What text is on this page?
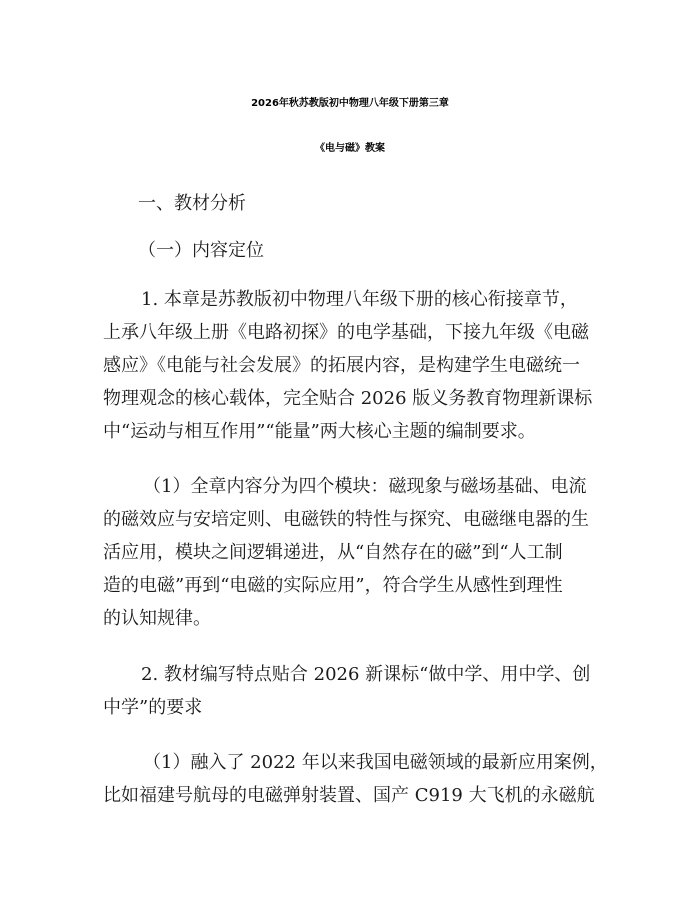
2026年秋苏教版初中物理八年级下册第三章
《电与磁》教案
一、教材分析
（一）内容定位
1. 本章是苏教版初中物理八年级下册的核心衔接章节，
上承八年级上册《电路初探》的电学基础，下接九年级《电磁
感应》《电能与社会发展》的拓展内容，是构建学生电磁统一
物理观念的核心载体，完全贴合 2026 版义务教育物理新课标
中“运动与相互作用”“能量”两大核心主题的编制要求。
（1）全章内容分为四个模块：磁现象与磁场基础、电流
的磁效应与安培定则、电磁铁的特性与探究、电磁继电器的生
活应用，模块之间逻辑递进，从“自然存在的磁”到“人工制
造的电磁”再到“电磁的实际应用”，符合学生从感性到理性
的认知规律。
2. 教材编写特点贴合 2026 新课标“做中学、用中学、创
中学”的要求
（1）融入了 2022 年以来我国电磁领域的最新应用案例，
比如福建号航母的电磁弹射装置、国产 C919 大飞机的永磁航
